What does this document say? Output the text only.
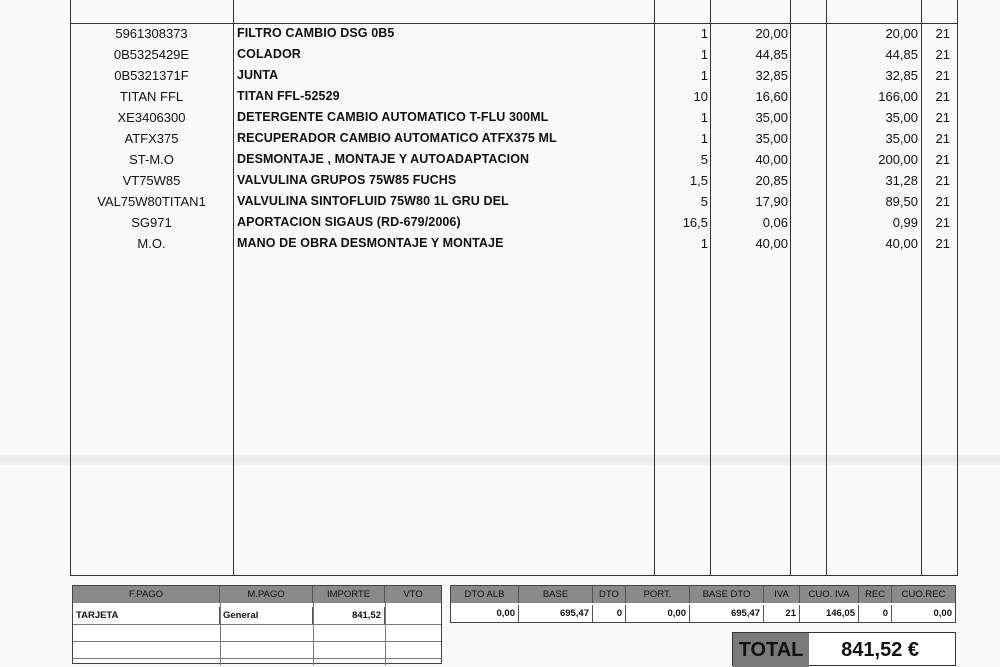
5961308373	FILTRO CAMBIO DSG 0B5	1	20,00	20,00 21
0B5325429E	COLADOR	1	44,85	44,85 21
0B5321371F	JUNTA	1	32,85	32,85 21
TITAN FFL	TITAN FFL-52529	10	16,60	166,00 21
XE3406300	DETERGENTE CAMBIO AUTOMATICO T-FLU 300ML	1	35,00	35,00 21
ATFX375	RECUPERADOR CAMBIO AUTOMATICO ATFX375 ML	1	35,00	35,00 21
ST-M.O	DESMONTAJE , MONTAJE Y AUTOADAPTACION	5	40,00	200,00 21
VT75W85	VALVULINA GRUPOS 75W85 FUCHS	1,5	20,85	31,28 21
VAL75W80TITAN1	VALVULINA SINTOFLUID 75W80 1L GRU DEL	5	17,90	89,50 21
SG971	APORTACION SIGAUS (RD-679/2006)	16,5	0,06	0,99 21
M.O.	MANO DE OBRA DESMONTAJE Y MONTAJE	1	40,00	40,00 21
F.PAGO	M.PAGO	IMPORTE	VTO
TARJETA	General	841,52
DTO ALB	BASE	DTO	PORT.	BASE DTO	IVA	CUO. IVA	REC	CUO.REC
0,00	695,47	0	0,00	695,47	21	146,05	0	0,00
TOTAL 841,52 €
